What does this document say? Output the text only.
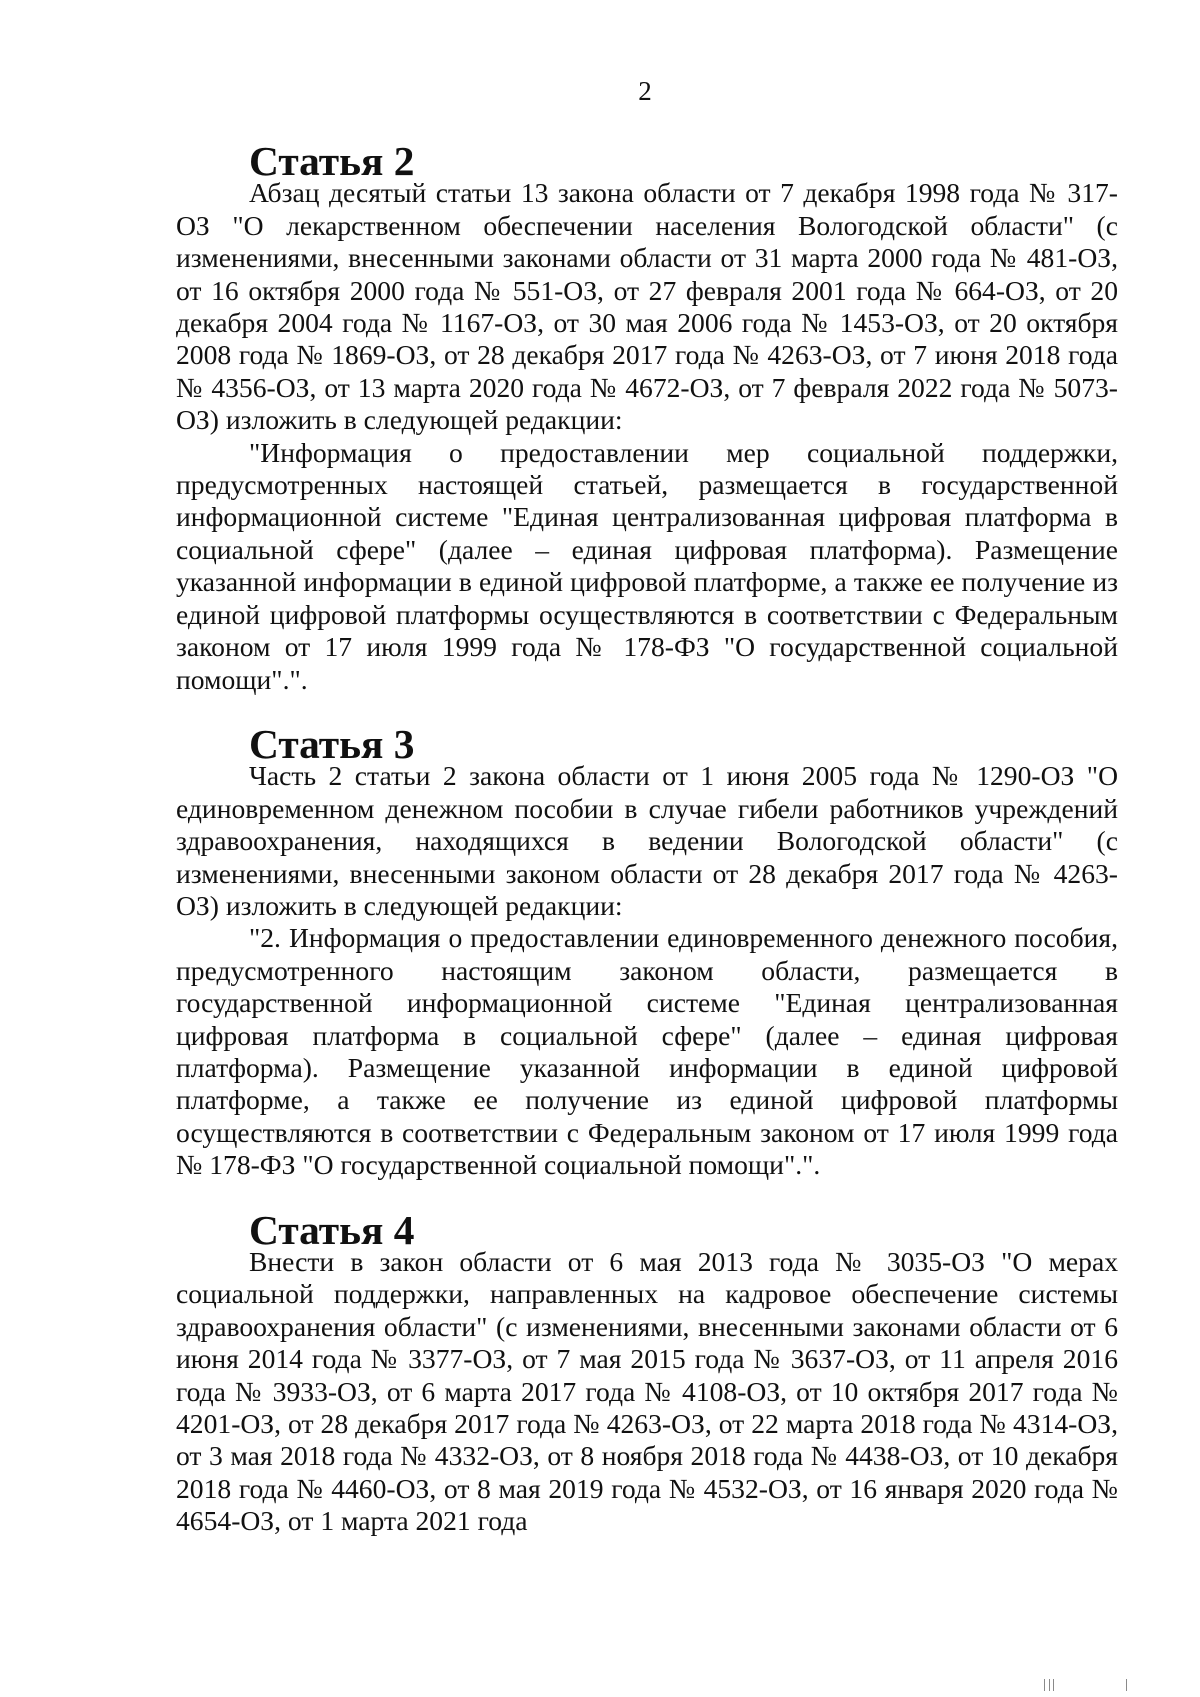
2
Статья 2

Абзац десятый статьи 13 закона области от 7 декабря 1998 года № 317-ОЗ "О лекарственном обеспечении населения Вологодской области" (с изменениями, внесенными законами области от 31 марта 2000 года № 481-ОЗ, от 16 октября 2000 года № 551-ОЗ, от 27 февраля 2001 года № 664-ОЗ, от 20 декабря 2004 года № 1167-ОЗ, от 30 мая 2006 года № 1453-ОЗ, от 20 октября 2008 года № 1869-ОЗ, от 28 декабря 2017 года № 4263-ОЗ, от 7 июня 2018 года № 4356-ОЗ, от 13 марта 2020 года № 4672-ОЗ, от 7 февраля 2022 года № 5073-ОЗ) изложить в следующей редакции:

"Информация о предоставлении мер социальной поддержки, предусмотренных настоящей статьей, размещается в государственной информационной системе "Единая централизованная цифровая платформа в социальной сфере" (далее – единая цифровая платформа). Размещение указанной информации в единой цифровой платформе, а также ее получение из единой цифровой платформы осуществляются в соответствии с Федеральным законом от 17 июля 1999 года № 178-ФЗ "О государственной социальной помощи".".

Статья 3

Часть 2 статьи 2 закона области от 1 июня 2005 года № 1290-ОЗ "О единовременном денежном пособии в случае гибели работников учреждений здравоохранения, находящихся в ведении Вологодской области" (с изменениями, внесенными законом области от 28 декабря 2017 года № 4263-ОЗ) изложить в следующей редакции:

"2. Информация о предоставлении единовременного денежного пособия, предусмотренного настоящим законом области, размещается в государственной информационной системе "Единая централизованная цифровая платформа в социальной сфере" (далее – единая цифровая платформа). Размещение указанной информации в единой цифровой платформе, а также ее получение из единой цифровой платформы осуществляются в соответствии с Федеральным законом от 17 июля 1999 года № 178-ФЗ "О государственной социальной помощи".".

Статья 4

Внести в закон области от 6 мая 2013 года № 3035-ОЗ "О мерах социальной поддержки, направленных на кадровое обеспечение системы здравоохранения области" (с изменениями, внесенными законами области от 6 июня 2014 года № 3377-ОЗ, от 7 мая 2015 года № 3637-ОЗ, от 11 апреля 2016 года № 3933-ОЗ, от 6 марта 2017 года № 4108-ОЗ, от 10 октября 2017 года № 4201-ОЗ, от 28 декабря 2017 года № 4263-ОЗ, от 22 марта 2018 года № 4314-ОЗ, от 3 мая 2018 года № 4332-ОЗ, от 8 ноября 2018 года № 4438-ОЗ, от 10 декабря 2018 года № 4460-ОЗ, от 8 мая 2019 года № 4532-ОЗ, от 16 января 2020 года № 4654-ОЗ, от 1 марта 2021 года
